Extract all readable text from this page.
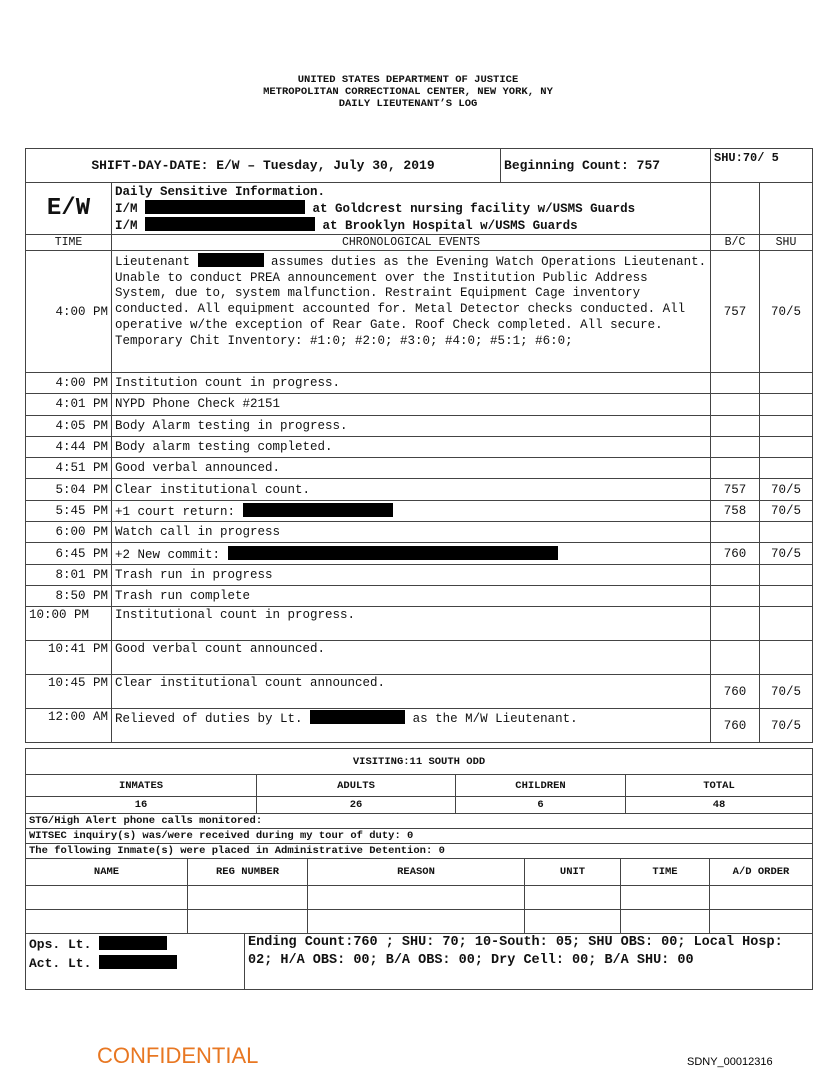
UNITED STATES DEPARTMENT OF JUSTICE
METROPOLITAN CORRECTIONAL CENTER, NEW YORK, NY
DAILY LIEUTENANT’S LOG
SHIFT-DAY-DATE: E/W – Tuesday, July 30, 2019		Beginning Count: 757	SHU:70/ 5	
E/W	Daily Sensitive Information.
I/M at Goldcrest nursing facility w/USMS Guards
I/M at Brooklyn Hospital w/USMS Guards			

TIME	CHRONOLOGICAL EVENTS		B/C	SHU
4:00 PM	Lieutenant assumes duties as the Evening Watch Operations Lieutenant. Unable to conduct PREA announcement over the Institution Public Address System, due to, system malfunction. Restraint Equipment Cage inventory conducted. All equipment accounted for. Metal Detector checks conducted. All operative w/the exception of Rear Gate. Roof Check completed. All secure. Temporary Chit Inventory: #1:0; #2:0; #3:0; #4:0; #5:1; #6:0;		757	70/5
4:00 PM	Institution count in progress.			
4:01 PM	NYPD Phone Check #2151			
4:05 PM	Body Alarm testing in progress.			
4:44 PM	Body alarm testing completed.			
4:51 PM	Good verbal announced.			
5:04 PM	Clear institutional count.		757	70/5
5:45 PM	+1 court return:		758	70/5
6:00 PM	Watch call in progress			
6:45 PM	+2 New commit:		760	70/5
8:01 PM	Trash run in progress			
8:50 PM	Trash run complete			
10:00 PM	Institutional count in progress.			
10:41 PM	Good verbal count announced.			
10:45 PM	Clear institutional count announced.		760	70/5
12:00 AM	Relieved of duties by Lt. as the M/W Lieutenant.		760	70/5
VISITING:11 SOUTH ODD			
INMATES	ADULTS	CHILDREN	TOTAL
16	26	6	48
STG/High Alert phone calls monitored:
WITSEC inquiry(s) was/were received during my tour of duty: 0
The following Inmate(s) were placed in Administrative Detention: 0
NAME	REG NUMBER	REASON	UNIT	TIME	A/D ORDER

Ops. Lt.
Act. Lt.
	Ending Count:760 ; SHU: 70; 10-South: 05; SHU OBS: 00; Local Hosp: 02; H/A OBS: 00; B/A OBS: 00; Dry Cell: 00; B/A SHU: 00
CONFIDENTIAL	SDNY_00012316
